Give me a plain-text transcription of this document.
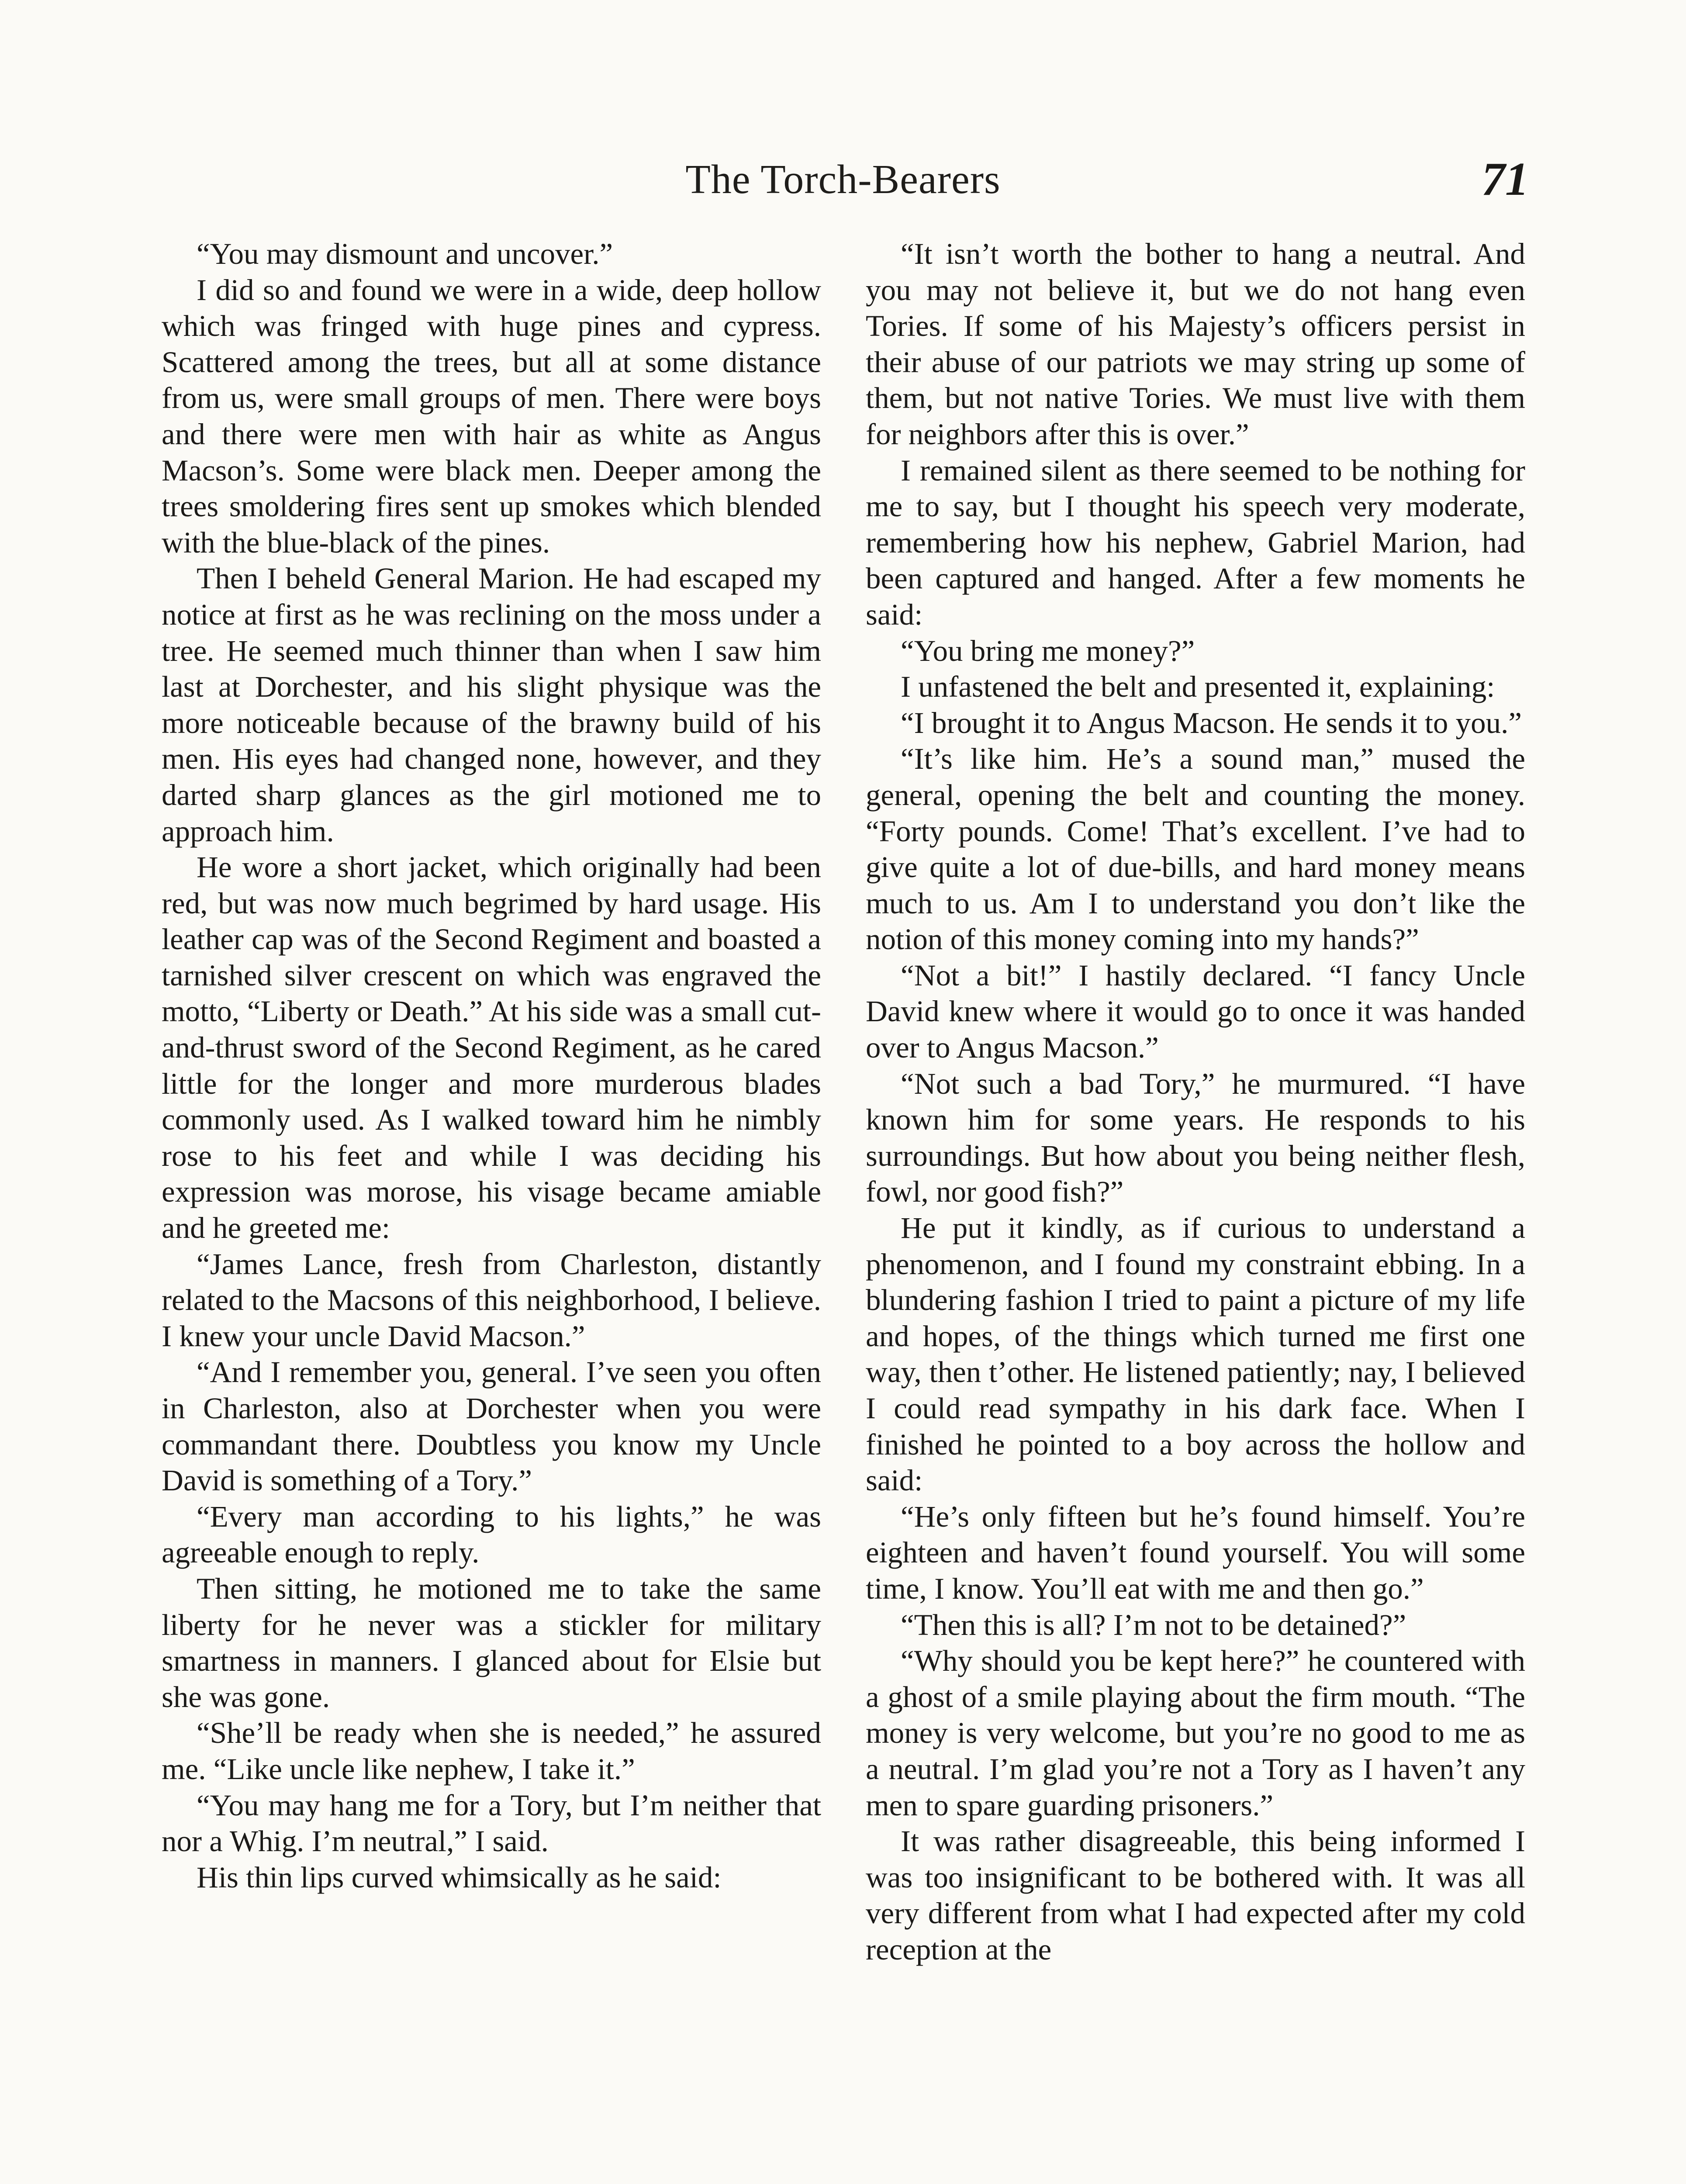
The Torch-Bearers	71

“You may dismount and uncover.”

I did so and found we were in a wide, deep hollow which was fringed with huge pines and cypress. Scattered among the trees, but all at some distance from us, were small groups of men. There were boys and there were men with hair as white as Angus Macson’s. Some were black men. Deeper among the trees smoldering fires sent up smokes which blended with the blue-black of the pines.

Then I beheld General Marion. He had escaped my notice at first as he was reclining on the moss under a tree. He seemed much thinner than when I saw him last at Dorchester, and his slight physique was the more noticeable because of the brawny build of his men. His eyes had changed none, however, and they darted sharp glances as the girl motioned me to approach him.

He wore a short jacket, which originally had been red, but was now much begrimed by hard usage. His leather cap was of the Second Regiment and boasted a tarnished silver crescent on which was engraved the motto, “Liberty or Death.” At his side was a small cut-and-thrust sword of the Second Regiment, as he cared little for the longer and more murderous blades commonly used. As I walked toward him he nimbly rose to his feet and while I was deciding his expression was morose, his visage became amiable and he greeted me:

“James Lance, fresh from Charleston, distantly related to the Macsons of this neighborhood, I believe. I knew your uncle David Macson.”

“And I remember you, general. I’ve seen you often in Charleston, also at Dorchester when you were commandant there. Doubtless you know my Uncle David is something of a Tory.”

“Every man according to his lights,” he was agreeable enough to reply.

Then sitting, he motioned me to take the same liberty for he never was a stickler for military smartness in manners. I glanced about for Elsie but she was gone.

“She’ll be ready when she is needed,” he assured me. “Like uncle like nephew, I take it.”

“You may hang me for a Tory, but I’m neither that nor a Whig. I’m neutral,” I said.

His thin lips curved whimsically as he said:

“It isn’t worth the bother to hang a neutral. And you may not believe it, but we do not hang even Tories. If some of his Majesty’s officers persist in their abuse of our patriots we may string up some of them, but not native Tories. We must live with them for neighbors after this is over.”

I remained silent as there seemed to be nothing for me to say, but I thought his speech very moderate, remembering how his nephew, Gabriel Marion, had been captured and hanged. After a few moments he said:

“You bring me money?”

I unfastened the belt and presented it, explaining:

“I brought it to Angus Macson. He sends it to you.”

“It’s like him. He’s a sound man,” mused the general, opening the belt and counting the money. “Forty pounds. Come! That’s excellent. I’ve had to give quite a lot of due-bills, and hard money means much to us. Am I to understand you don’t like the notion of this money coming into my hands?”

“Not a bit!” I hastily declared. “I fancy Uncle David knew where it would go to once it was handed over to Angus Macson.”

“Not such a bad Tory,” he murmured. “I have known him for some years. He responds to his surroundings. But how about you being neither flesh, fowl, nor good fish?”

He put it kindly, as if curious to understand a phenomenon, and I found my constraint ebbing. In a blundering fashion I tried to paint a picture of my life and hopes, of the things which turned me first one way, then t’other. He listened patiently; nay, I believed I could read sympathy in his dark face. When I finished he pointed to a boy across the hollow and said:

“He’s only fifteen but he’s found himself. You’re eighteen and haven’t found yourself. You will some time, I know. You’ll eat with me and then go.”

“Then this is all? I’m not to be detained?”

“Why should you be kept here?” he countered with a ghost of a smile playing about the firm mouth. “The money is very welcome, but you’re no good to me as a neutral. I’m glad you’re not a Tory as I haven’t any men to spare guarding prisoners.”

It was rather disagreeable, this being informed I was too insignificant to be bothered with. It was all very different from what I had expected after my cold reception at the
